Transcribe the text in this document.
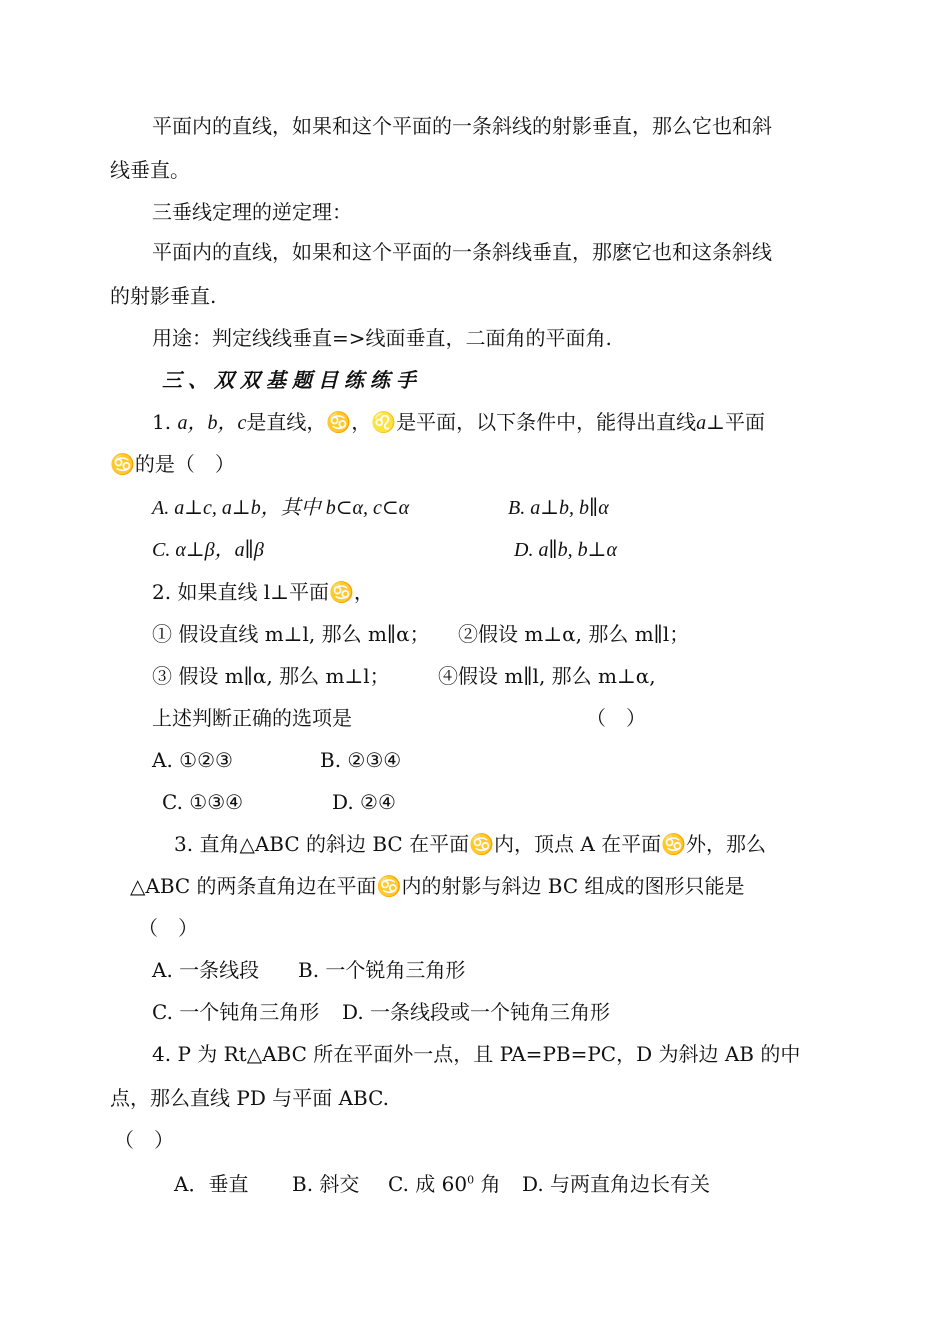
平面内的直线，如果和这个平面的一条斜线的射影垂直，那么它也和斜
线垂直。
三垂线定理的逆定理：
平面内的直线，如果和这个平面的一条斜线垂直，那麽它也和这条斜线
的射影垂直.
用途：判定线线垂直=>线面垂直，二面角的平面角.
三、双双基题目练练手
1. a，b，c是直线，♋，♌是平面，以下条件中，能得出直线a⊥平面
♋的是（　）
A. a⊥c, a⊥b，其中 b⊂α, c⊂α	B. a⊥b, b∥α
C. α⊥β，a∥β	D. a∥b, b⊥α
2. 如果直线 l⊥平面♋，
① 假设直线 m⊥l, 那么 m∥α； ②假设 m⊥α, 那么 m∥l；
③ 假设 m∥α, 那么 m⊥l； ④假设 m∥l, 那么 m⊥α,
上述判断正确的选项是	（　）
A. ①②③	B. ②③④
C. ①③④	D. ②④
3. 直角△ABC 的斜边 BC 在平面♋内，顶点 A 在平面♋外，那么
△ABC 的两条直角边在平面♋内的射影与斜边 BC 组成的图形只能是
（　）
A. 一条线段 B. 一个锐角三角形
C. 一个钝角三角形 D. 一条线段或一个钝角三角形
4. P 为 Rt△ABC 所在平面外一点，且 PA=PB=PC，D 为斜边 AB 的中
点，那么直线 PD 与平面 ABC.
（　）
A．垂直 B. 斜交 C. 成 $60^0$ 角 D. 与两直角边长有关
